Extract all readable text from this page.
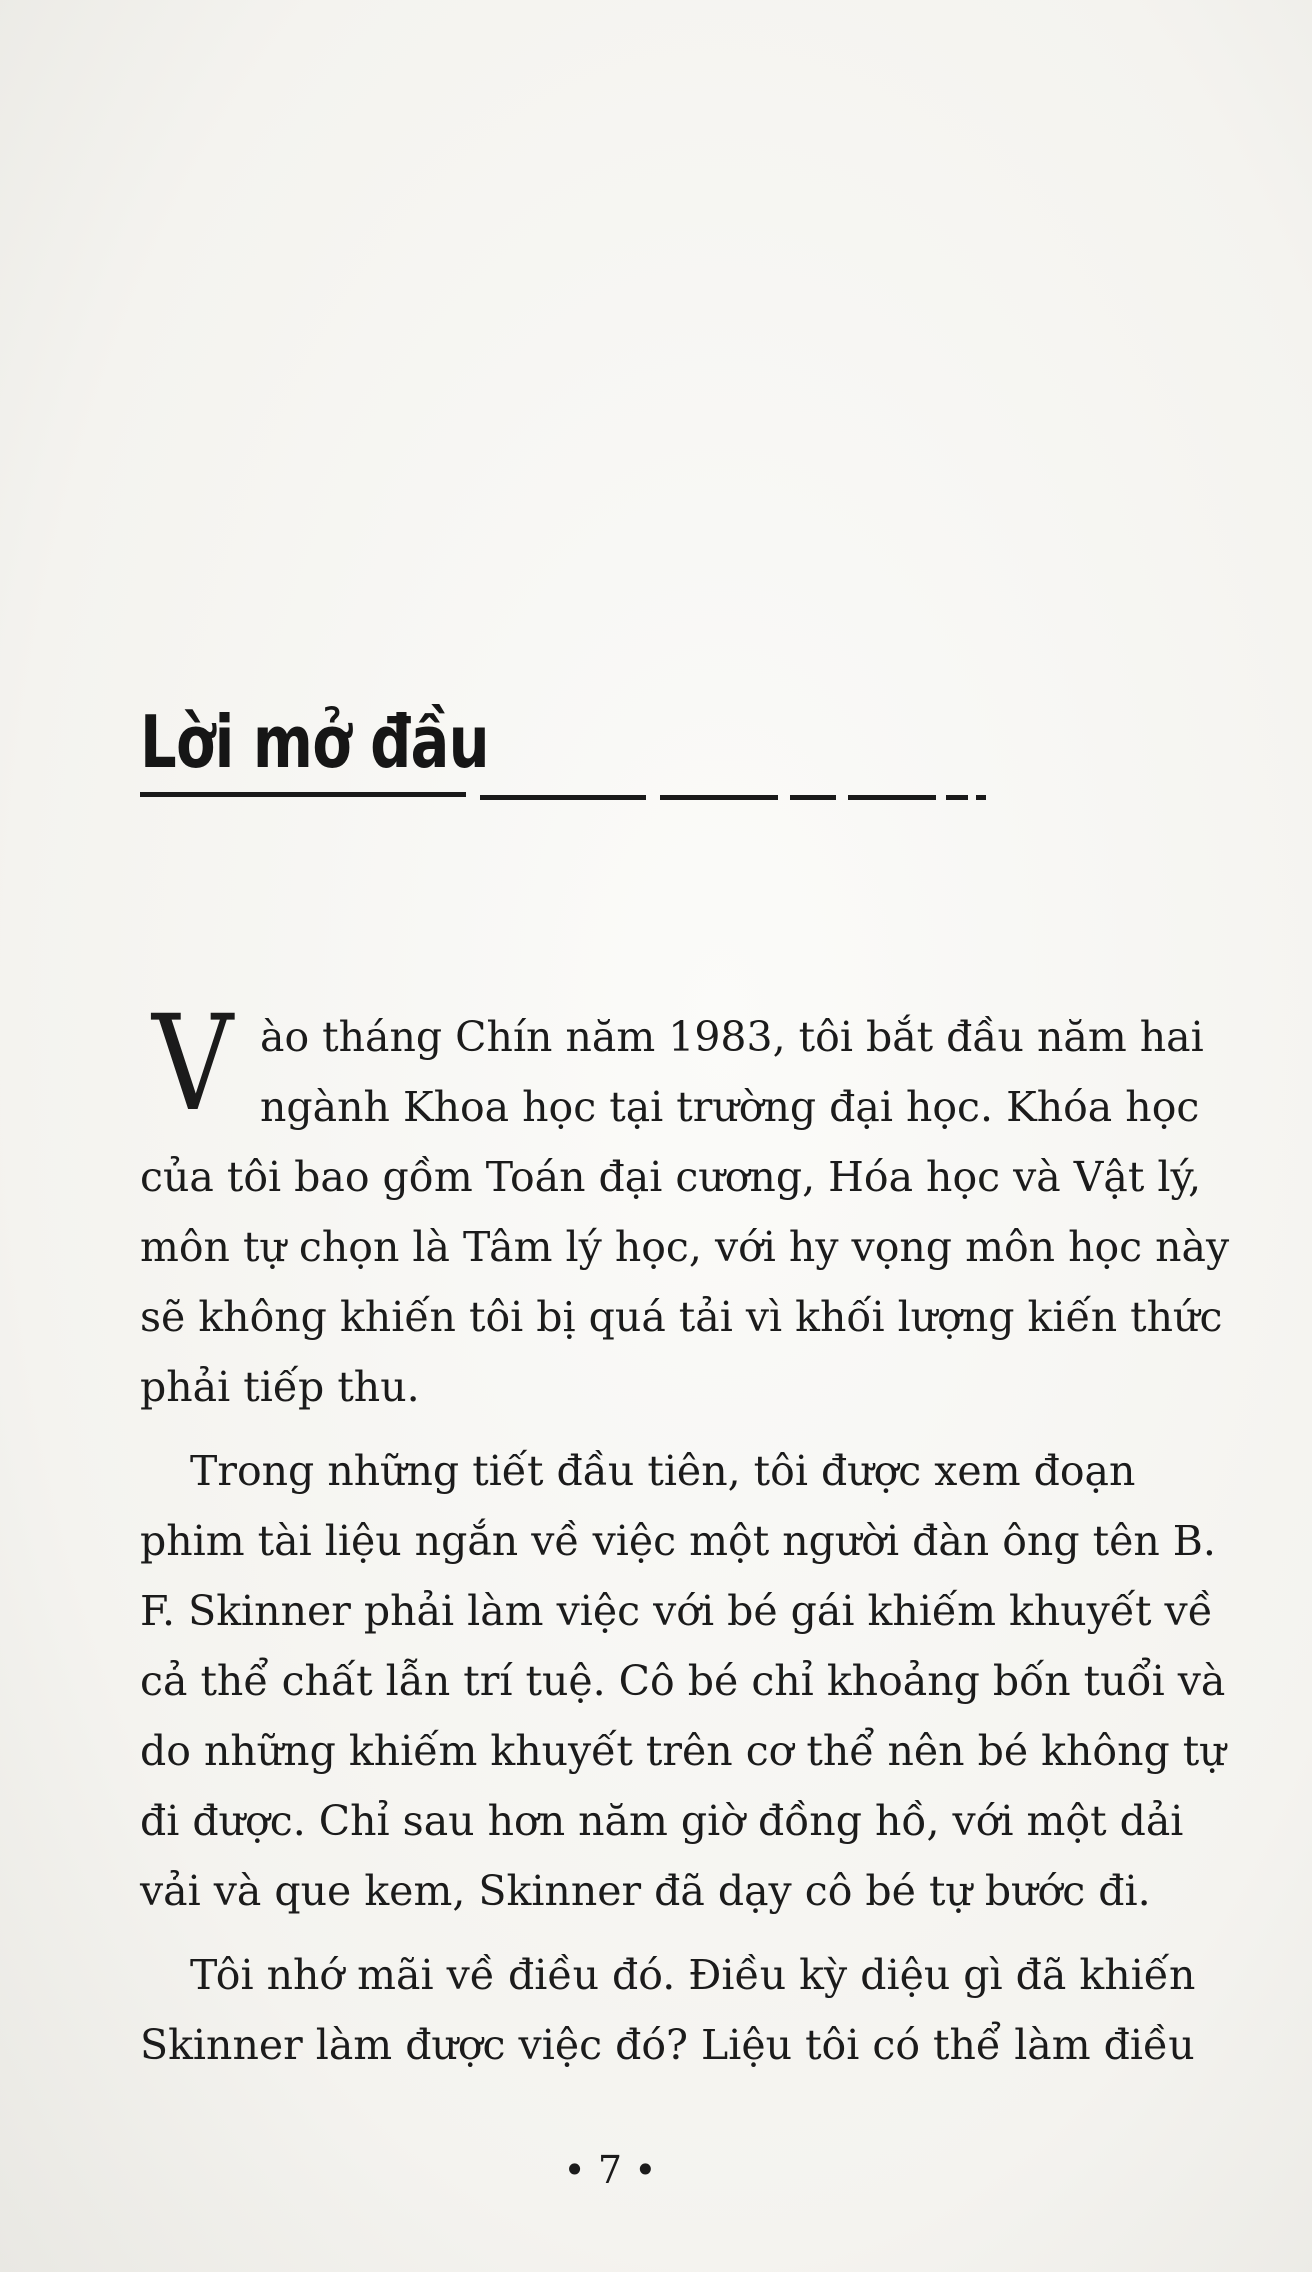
Lời mở đầu
V ào tháng Chín năm 1983, tôi bắt đầu năm hai
ngành Khoa học tại trường đại học. Khóa học
của tôi bao gồm Toán đại cương, Hóa học và Vật lý,
môn tự chọn là Tâm lý học, với hy vọng môn học này
sẽ không khiến tôi bị quá tải vì khối lượng kiến thức
phải tiếp thu.
Trong những tiết đầu tiên, tôi được xem đoạn
phim tài liệu ngắn về việc một người đàn ông tên B.
F. Skinner phải làm việc với bé gái khiếm khuyết về
cả thể chất lẫn trí tuệ. Cô bé chỉ khoảng bốn tuổi và
do những khiếm khuyết trên cơ thể nên bé không tự
đi được. Chỉ sau hơn năm giờ đồng hồ, với một dải
vải và que kem, Skinner đã dạy cô bé tự bước đi.
Tôi nhớ mãi về điều đó. Điều kỳ diệu gì đã khiến
Skinner làm được việc đó? Liệu tôi có thể làm điều
• 7 •
